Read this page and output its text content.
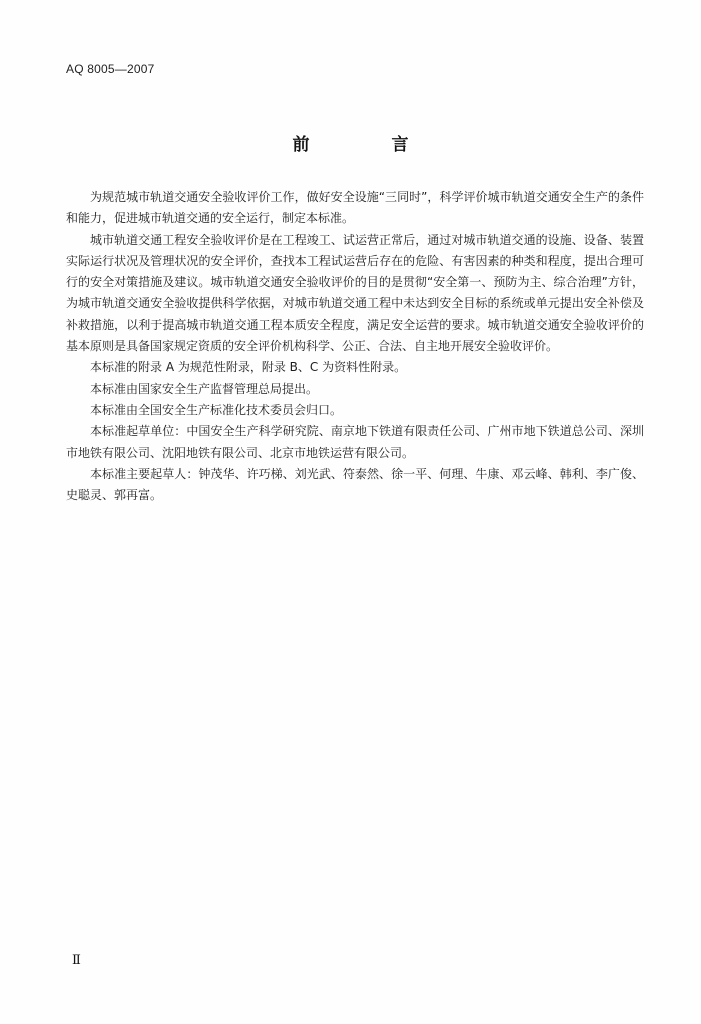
AQ 8005—2007
前 言

为规范城市轨道交通安全验收评价工作，做好安全设施“三同时”，科学评价城市轨道交通安全生产的条件和能力，促进城市轨道交通的安全运行，制定本标准。

城市轨道交通工程安全验收评价是在工程竣工、试运营正常后，通过对城市轨道交通的设施、设备、装置实际运行状况及管理状况的安全评价，查找本工程试运营后存在的危险、有害因素的种类和程度，提出合理可行的安全对策措施及建议。城市轨道交通安全验收评价的目的是贯彻“安全第一、预防为主、综合治理”方针，为城市轨道交通安全验收提供科学依据，对城市轨道交通工程中未达到安全目标的系统或单元提出安全补偿及补救措施，以利于提高城市轨道交通工程本质安全程度，满足安全运营的要求。城市轨道交通安全验收评价的基本原则是具备国家规定资质的安全评价机构科学、公正、合法、自主地开展安全验收评价。

本标准的附录 A 为规范性附录，附录 B、C 为资料性附录。

本标准由国家安全生产监督管理总局提出。

本标准由全国安全生产标准化技术委员会归口。

本标准起草单位：中国安全生产科学研究院、南京地下铁道有限责任公司、广州市地下铁道总公司、深圳市地铁有限公司、沈阳地铁有限公司、北京市地铁运营有限公司。

本标准主要起草人：钟茂华、许巧梯、刘光武、符泰然、徐一平、何理、牛康、邓云峰、韩利、李广俊、史聪灵、郭再富。

Ⅱ
